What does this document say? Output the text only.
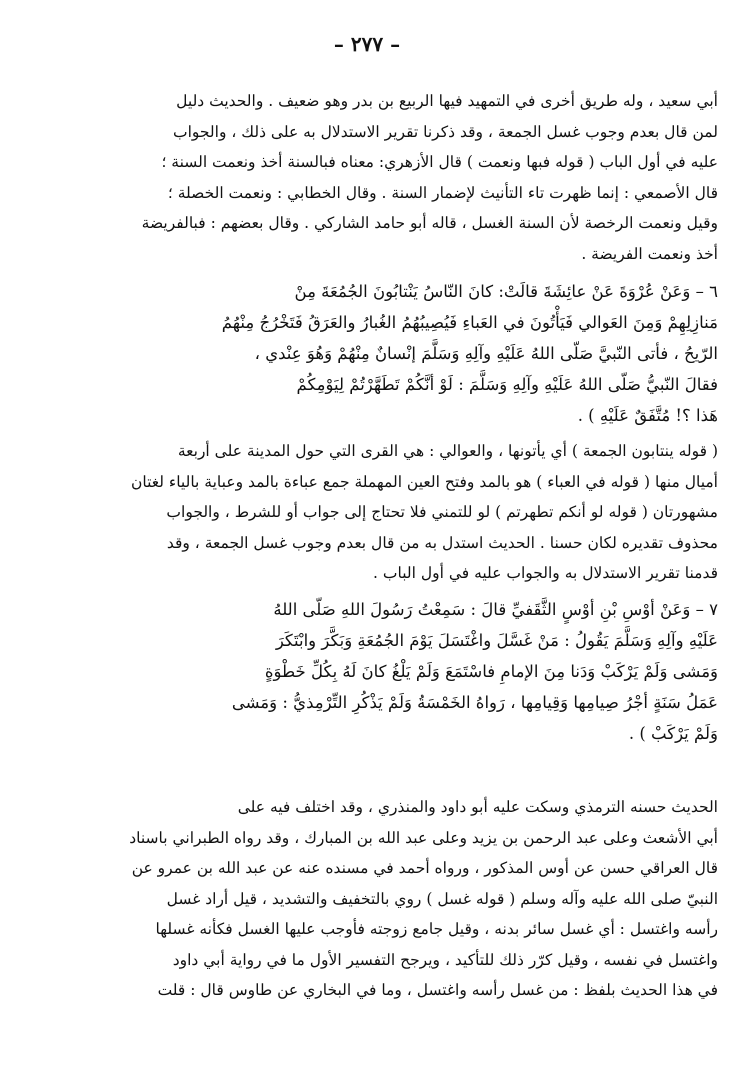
– ٢٧٧ –

أبي سعيد ، وله طريق أخرى في التمهيد فيها الربيع بن بدر وهو ضعيف . والحديث دليل

لمن قال بعدم وجوب غسل الجمعة ، وقد ذكرنا تقرير الاستدلال به على ذلك ، والجواب

عليه في أول الباب ( قوله فبها ونعمت ) قال الأزهري: معناه فبالسنة أخذ ونعمت السنة ؛

قال الأصمعي : إنما ظهرت تاء التأنيث لإضمار السنة . وقال الخطابي : ونعمت الخصلة ؛

وقيل ونعمت الرخصة لأن السنة الغسل ، قاله أبو حامد الشاركي . وقال بعضهم : فبالفريضة

أخذ ونعمت الفريضة .

٦ – وَعَنْ عُرْوَةَ عَنْ عائِشَةَ قالَتْ: كانَ النّاسُ يَنْتابُونَ الجُمُعَةَ مِنْ

مَنازِلِهِمْ وَمِنَ العَوالي فَيَأْتُونَ في العَباءِ فَيُصِيبُهُمُ الغُبارُ والعَرَقُ فَتَخْرُجُ مِنْهُمُ

الرّيحُ ، فأتى النّبيَّ صَلّى اللهُ عَلَيْهِ وآلِهِ وَسَلَّمَ إنْسانٌ مِنْهُمْ وَهُوَ عِنْدي ،

فقالَ النّبيُّ صَلّى اللهُ عَلَيْهِ وآلِهِ وَسَلَّمَ : لَوْ أنَّكُمْ تَطَهَّرْتُمْ لِيَوْمِكُمْ

هَذا ؟! مُتَّفَقٌ عَلَيْهِ ) .

( قوله ينتابون الجمعة ) أي يأتونها ، والعوالي : هي القرى التي حول المدينة على أربعة

أميال منها ( قوله في العباء ) هو بالمد وفتح العين المهملة جمع عباءة بالمد وعباية بالياء لغتان

مشهورتان ( قوله لو أنكم تطهرتم ) لو للتمني فلا تحتاج إلى جواب أو للشرط ، والجواب

محذوف تقديره لكان حسنا . الحديث استدل به من قال بعدم وجوب غسل الجمعة ، وقد

قدمنا تقرير الاستدلال به والجواب عليه في أول الباب .

٧ – وَعَنْ أوْسِ بْنِ أوْسٍ الثَّقَفيِّ قالَ : سَمِعْتُ رَسُولَ اللهِ صَلّى اللهُ

عَلَيْهِ وآلِهِ وَسَلَّمَ يَقُولُ : مَنْ غَسَّلَ واغْتَسَلَ يَوْمَ الجُمُعَةِ وَبَكَّرَ وابْتَكَرَ

وَمَشى وَلَمْ يَرْكَبْ وَدَنا مِنَ الإمامِ فاسْتَمَعَ وَلَمْ يَلْغُ كانَ لَهُ بِكُلِّ خَطْوَةٍ

عَمَلُ سَنَةٍ أجْرُ صِيامِها وَقِيامِها ، رَواهُ الخَمْسَةُ وَلَمْ يَذْكُرِ التِّرْمِذيُّ : وَمَشى

وَلَمْ يَرْكَبْ ) .

الحديث حسنه الترمذي وسكت عليه أبو داود والمنذري ، وقد اختلف فيه على

أبي الأشعث وعلى عبد الرحمن بن يزيد وعلى عبد الله بن المبارك ، وقد رواه الطبراني باسناد

قال العراقي حسن عن أوس المذكور ، ورواه أحمد في مسنده عنه عن عبد الله بن عمرو عن

النبيّ صلى الله عليه وآله وسلم ( قوله غسل ) روي بالتخفيف والتشديد ، قيل أراد غسل

رأسه واغتسل : أي غسل سائر بدنه ، وقيل جامع زوجته فأوجب عليها الغسل فكأنه غسلها

واغتسل في نفسه ، وقيل كرّر ذلك للتأكيد ، ويرجح التفسير الأول ما في رواية أبي داود

في هذا الحديث بلفظ : من غسل رأسه واغتسل ، وما في البخاري عن طاوس قال : قلت
